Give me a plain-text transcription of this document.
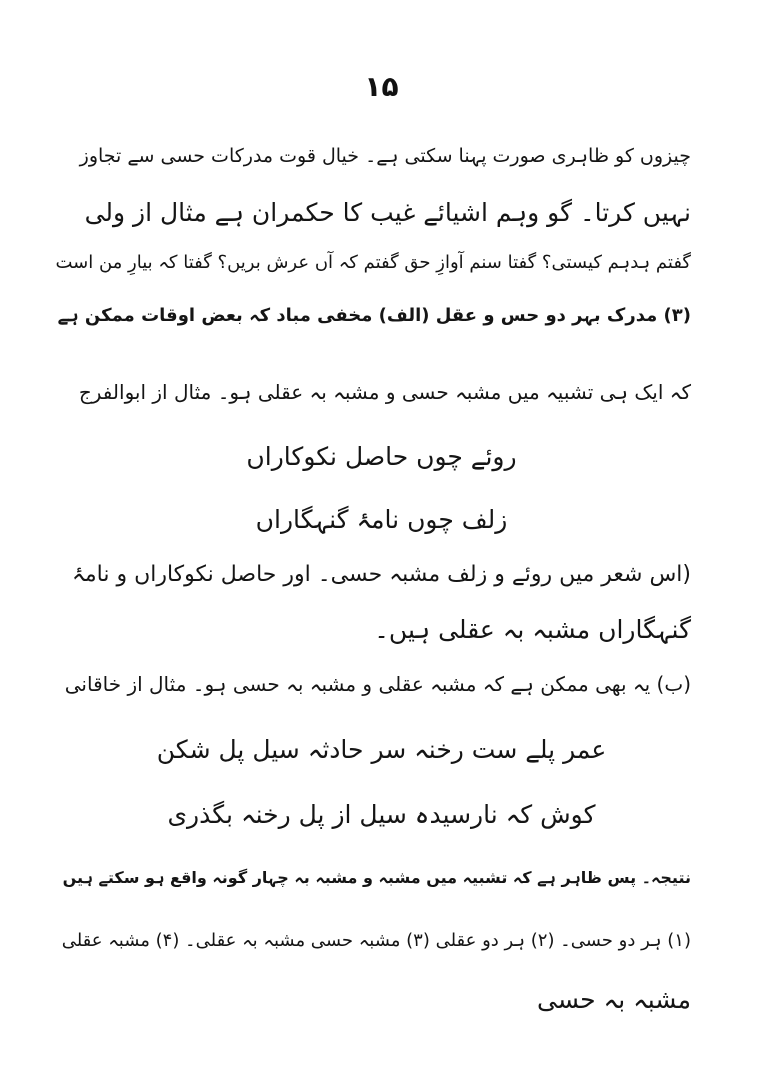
۱۵
چیزوں کو ظاہری صورت پہنا سکتی ہے۔ خیال قوت مدرکات حسی سے تجاوز
نہیں کرتا۔ گو وہم اشیائے غیب کا حکمران ہے مثال از ولی
گفتم ہدہم کیستی؟ گفتا سنم آوازِ حق گفتم کہ آں عرش بریں؟ گفتا کہ بیارِ من است
(۳) مدرک بہر دو حس و عقل (الف) مخفی مباد کہ بعض اوقات ممکن ہے
کہ ایک ہی تشبیہ میں مشبہ حسی و مشبہ بہ عقلی ہو۔ مثال از ابوالفرج
روئے چوں حاصل نکوکاراں
زلف چوں نامۂ گنہگاراں
(اس شعر میں روئے و زلف مشبہ حسی۔ اور حاصل نکوکاراں و نامۂ
گنہگاراں مشبہ بہ عقلی ہیں۔
(ب) یہ بھی ممکن ہے کہ مشبہ عقلی و مشبہ بہ حسی ہو۔ مثال از خاقانی
عمر پلے ست رخنہ سر حادثہ سیل پل شکن
کوش کہ نارسیدہ سیل از پل رخنہ بگذری
نتیجہ۔ پس ظاہر ہے کہ تشبیہ میں مشبہ و مشبہ بہ چہار گونہ واقع ہو سکتے ہیں
(۱) ہر دو حسی۔ (۲) ہر دو عقلی (۳) مشبہ حسی مشبہ بہ عقلی۔ (۴) مشبہ عقلی
مشبہ بہ حسی
